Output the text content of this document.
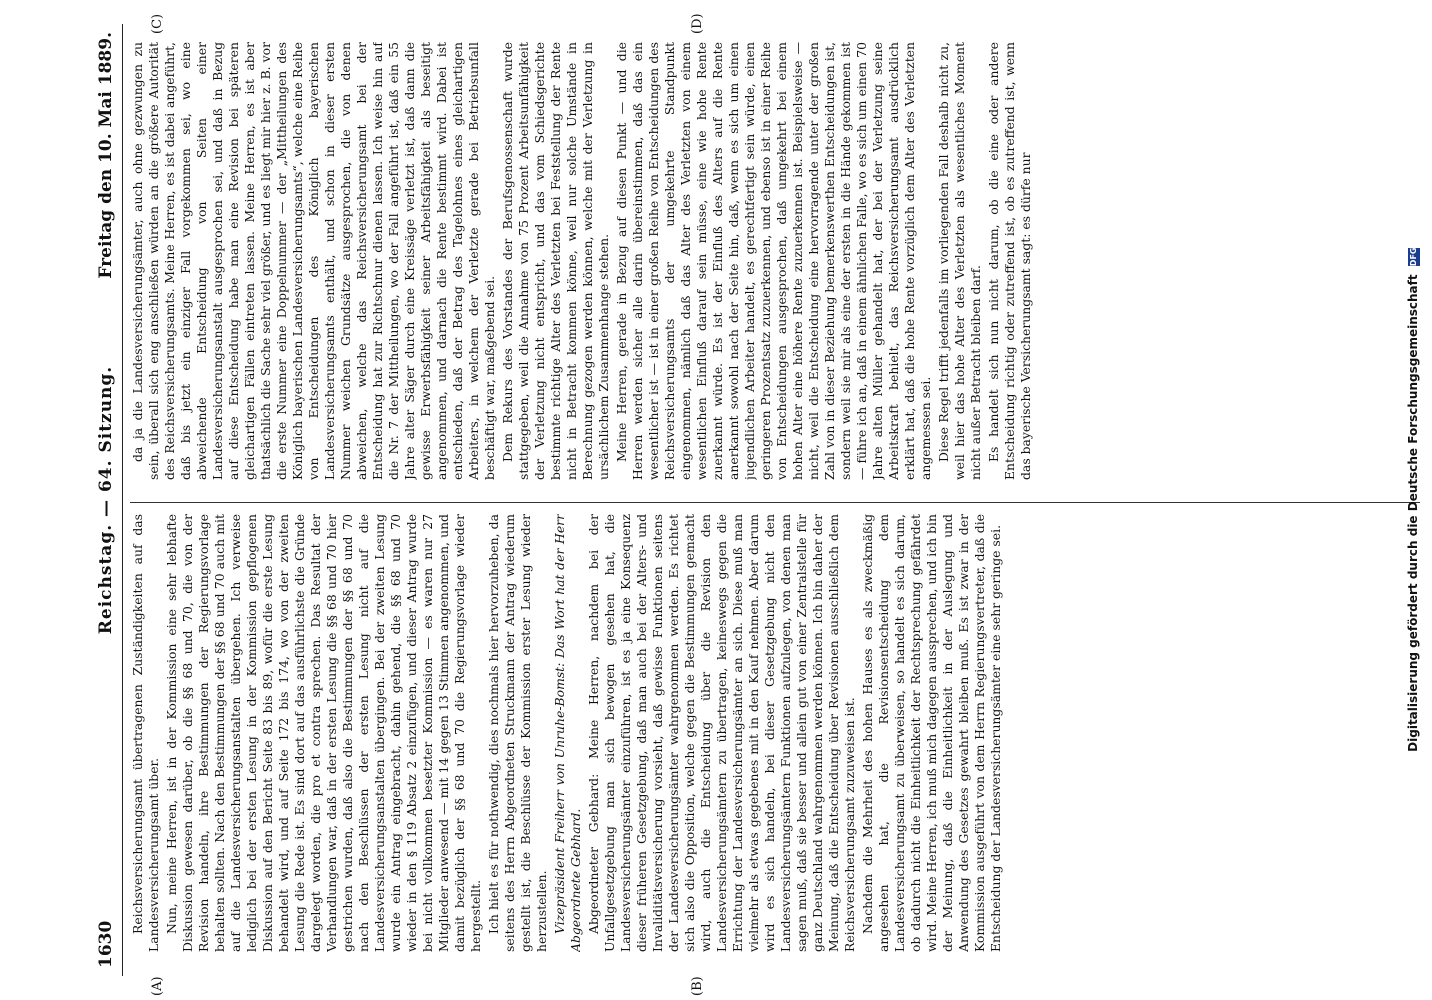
1630
Reichstag. — 64. Sitzung.
Freitag den 10. Mai 1889.
(A)	(B)
(C)	(D)

Reichsversicherungsamt übertragenen Zuständigkeiten auf das Landesversicherungsamt über. Nun, meine Herren, ist in der Kommission eine sehr lebhafte Diskussion gewesen darüber, ob die §§ 68 und 70, die von der Revision handeln, ihre Bestimmungen der Regierungsvorlage behalten sollten. Nach den Bestimmungen der §§ 68 und 70 auch mit auf die Landesversicherungsanstalten übergehen. Ich verweise lediglich bei der ersten Lesung in der Kommission gepflogenen Diskussion auf den Bericht Seite 83 bis 89, wofür die erste Lesung behandelt wird, und auf Seite 172 bis 174, wo von der zweiten Lesung die Rede ist. Es sind dort auf das ausführlichste die Gründe dargelegt worden, die pro et contra sprechen. Das Resultat der Verhandlungen war, daß in der ersten Lesung die §§ 68 und 70 hier gestrichen wurden, daß also die Bestimmungen der §§ 68 und 70 nach den Beschlüssen der ersten Lesung nicht auf die Landesversicherungsanstalten übergingen. Bei der zweiten Lesung wurde ein Antrag eingebracht, dahin gehend, die §§ 68 und 70 wieder in den § 119 Absatz 2 einzufügen, und dieser Antrag wurde bei nicht vollkommen besetzter Kommission — es waren nur 27 Mitglieder anwesend — mit 14 gegen 13 Stimmen angenommen, und damit bezüglich der §§ 68 und 70 die Regierungsvorlage wieder hergestellt. Ich hielt es für nothwendig, dies nochmals hier hervorzuheben, da seitens des Herrn Abgeordneten Struckmann der Antrag wiederum gestellt ist, die Beschlüsse der Kommission erster Lesung wieder herzustellen. Vizepräsident Freiherr von Unruhe-Bomst: Das Wort hat der Herr Abgeordnete Gebhard. Abgeordneter Gebhard: Meine Herren, nachdem bei der Unfallgesetzgebung man sich bewogen gesehen hat, die Landesversicherungsämter einzuführen, ist es ja eine Konsequenz dieser früheren Gesetzgebung, daß man auch bei der Alters- und Invaliditätsversicherung vorsieht, daß gewisse Funktionen seitens der Landesversicherungsämter wahrgenommen werden. Es richtet sich also die Opposition, welche gegen die Bestimmungen gemacht wird, auch die Entscheidung über die Revision den Landesversicherungsämtern zu übertragen, keineswegs gegen die Errichtung der Landesversicherungsämter an sich. Diese muß man vielmehr als etwas gegebenes mit in den Kauf nehmen. Aber darum wird es sich handeln, bei dieser Gesetzgebung nicht den Landesversicherungsämtern Funktionen aufzulegen, von denen man sagen muß, daß sie besser und allein gut von einer Zentralstelle für ganz Deutschland wahrgenommen werden können. Ich bin daher der Meinung, daß die Entscheidung über Revisionen ausschließlich dem Reichsversicherungsamt zuzuweisen ist. Nachdem die Mehrheit des hohen Hauses es als zweckmäßig angesehen hat, die Revisionsentscheidung dem Landesversicherungsamt zu überweisen, so handelt es sich darum, ob dadurch nicht die Einheitlichkeit der Rechtsprechung gefährdet wird. Meine Herren, ich muß mich dagegen aussprechen, und ich bin der Meinung, daß die Einheitlichkeit in der Auslegung und Anwendung des Gesetzes gewahrt bleiben muß. Es ist zwar in der Kommission ausgeführt von dem Herrn Regierungsvertreter, daß die Entscheidung der Landesversicherungsämter eine sehr geringe sei.

da ja die Landesversicherungsämter, auch ohne gezwungen zu sein, überall sich eng anschließen würden an die größere Autorität des Reichsversicherungsamts. Meine Herren, es ist dabei angeführt, daß bis jetzt ein einziger Fall vorgekommen sei, wo eine abweichende Entscheidung von Seiten einer Landesversicherungsanstalt ausgesprochen sei, und daß in Bezug auf diese Entscheidung habe man eine Revision bei späteren gleichartigen Fällen eintreten lassen. Meine Herren, es ist aber thatsächlich die Sache sehr viel größer, und es liegt mir hier z. B. vor die erste Nummer eine Doppelnummer — der „Mittheilungen des Königlich bayerischen Landesversicherungsamts“, welche eine Reihe von Entscheidungen des Königlich bayerischen Landesversicherungsamts enthält, und schon in dieser ersten Nummer weichen Grundsätze ausgesprochen, die von denen abweichen, welche das Reichsversicherungsamt bei der Entscheidung hat zur Richtschnur dienen lassen. Ich weise hin auf die Nr. 7 der Mittheilungen, wo der Fall angeführt ist, daß ein 55 Jahre alter Säger durch eine Kreissäge verletzt ist, daß dann die gewisse Erwerbsfähigkeit seiner Arbeitsfähigkeit als beseitigt angenommen, und darnach die Rente bestimmt wird. Dabei ist entschieden, daß der Betrag des Tagelohnes eines gleichartigen Arbeiters, in welchem der Verletzte gerade bei Betriebsunfall beschäftigt war, maßgebend sei. Dem Rekurs des Vorstandes der Berufsgenossenschaft wurde stattgegeben, weil die Annahme von 75 Prozent Arbeitsunfähigkeit der Verletzung nicht entspricht, und das vom Schiedsgerichte bestimmte richtige Alter des Verletzten bei Feststellung der Rente nicht in Betracht kommen könne, weil nur solche Umstände in Berechnung gezogen werden können, welche mit der Verletzung in ursächlichem Zusammenhange stehen. Meine Herren, gerade in Bezug auf diesen Punkt — und die Herren werden sicher alle darin übereinstimmen, daß das ein wesentlicher ist — ist in einer großen Reihe von Entscheidungen des Reichsversicherungsamts der umgekehrte Standpunkt eingenommen, nämlich daß das Alter des Verletzten von einem wesentlichen Einfluß darauf sein müsse, eine wie hohe Rente zuerkannt würde. Es ist der Einfluß des Alters auf die Rente anerkannt sowohl nach der Seite hin, daß, wenn es sich um einen jugendlichen Arbeiter handelt, es gerechtfertigt sein würde, einen geringeren Prozentsatz zuzuerkennen, und ebenso ist in einer Reihe von Entscheidungen ausgesprochen, daß umgekehrt bei einem hohen Alter eine höhere Rente zuzuerkennen ist. Beispielsweise — nicht, weil die Entscheidung eine hervorragende unter der großen Zahl von in dieser Beziehung bemerkenswerthen Entscheidungen ist, sondern weil sie mir als eine der ersten in die Hände gekommen ist — führe ich an, daß in einem ähnlichen Falle, wo es sich um einen 70 Jahre alten Müller gehandelt hat, der bei der Verletzung seine Arbeitskraft behielt, das Reichsversicherungsamt ausdrücklich erklärt hat, daß die hohe Rente vorzüglich dem Alter des Verletzten angemessen sei. Diese Regel trifft jedenfalls im vorliegenden Fall deshalb nicht zu, weil hier das hohe Alter des Verletzten als wesentliches Moment nicht außer Betracht bleiben darf. Es handelt sich nun nicht darum, ob die eine oder andere Entscheidung richtig oder zutreffend ist, ob es zutreffend ist, wenn das bayerische Versicherungsamt sagt: es dürfe nur	Digitalisierung gefördert durch die Deutsche Forschungsgemeinschaft DFG
